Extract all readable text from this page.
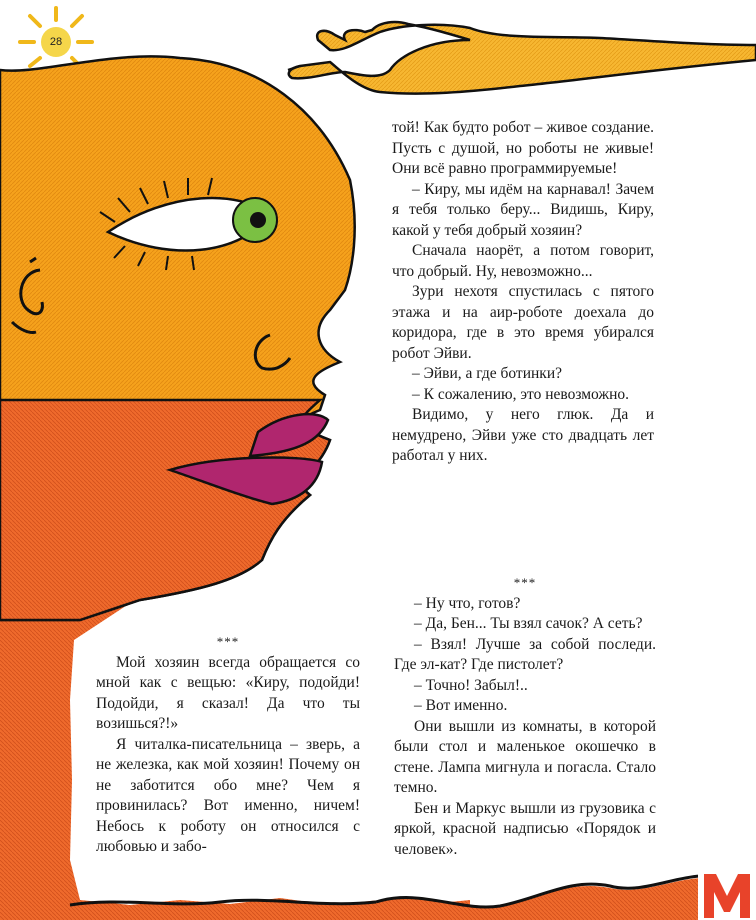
28

той! Как будто робот – живое создание. Пусть с душой, но роботы не живые! Они всё равно программируемые!

– Киру, мы идём на карнавал! Зачем я тебя только беру... Видишь, Киру, какой у тебя добрый хозяин?

Сначала наорёт, а потом говорит, что добрый. Ну, невозможно...

Зури нехотя спустилась с пятого этажа и на аир-роботе доехала до коридора, где в это время убирался робот Эйви.

– Эйви, а где ботинки?

– К сожалению, это невозможно.

Видимо, у него глюк. Да и немудрено, Эйви уже сто двадцать лет работал у них.

***

– Ну что, готов?

– Да, Бен... Ты взял сачок? А сеть?

– Взял! Лучше за собой последи. Где эл-кат? Где пистолет?

– Точно! Забыл!..

– Вот именно.

Они вышли из комнаты, в которой были стол и маленькое окошечко в стене. Лампа мигнула и погасла. Стало темно.

Бен и Маркус вышли из грузовика с яркой, красной надписью «Порядок и человек».

***

Мой хозяин всегда обращается со мной как с вещью: «Киру, подойди! Подойди, я сказал! Да что ты возишься?!»

Я читалка-писательница – зверь, а не железка, как мой хозяин! Почему он не заботится обо мне? Чем я провинилась? Вот именно, ничем! Небось к роботу он относился с любовью и забо-
